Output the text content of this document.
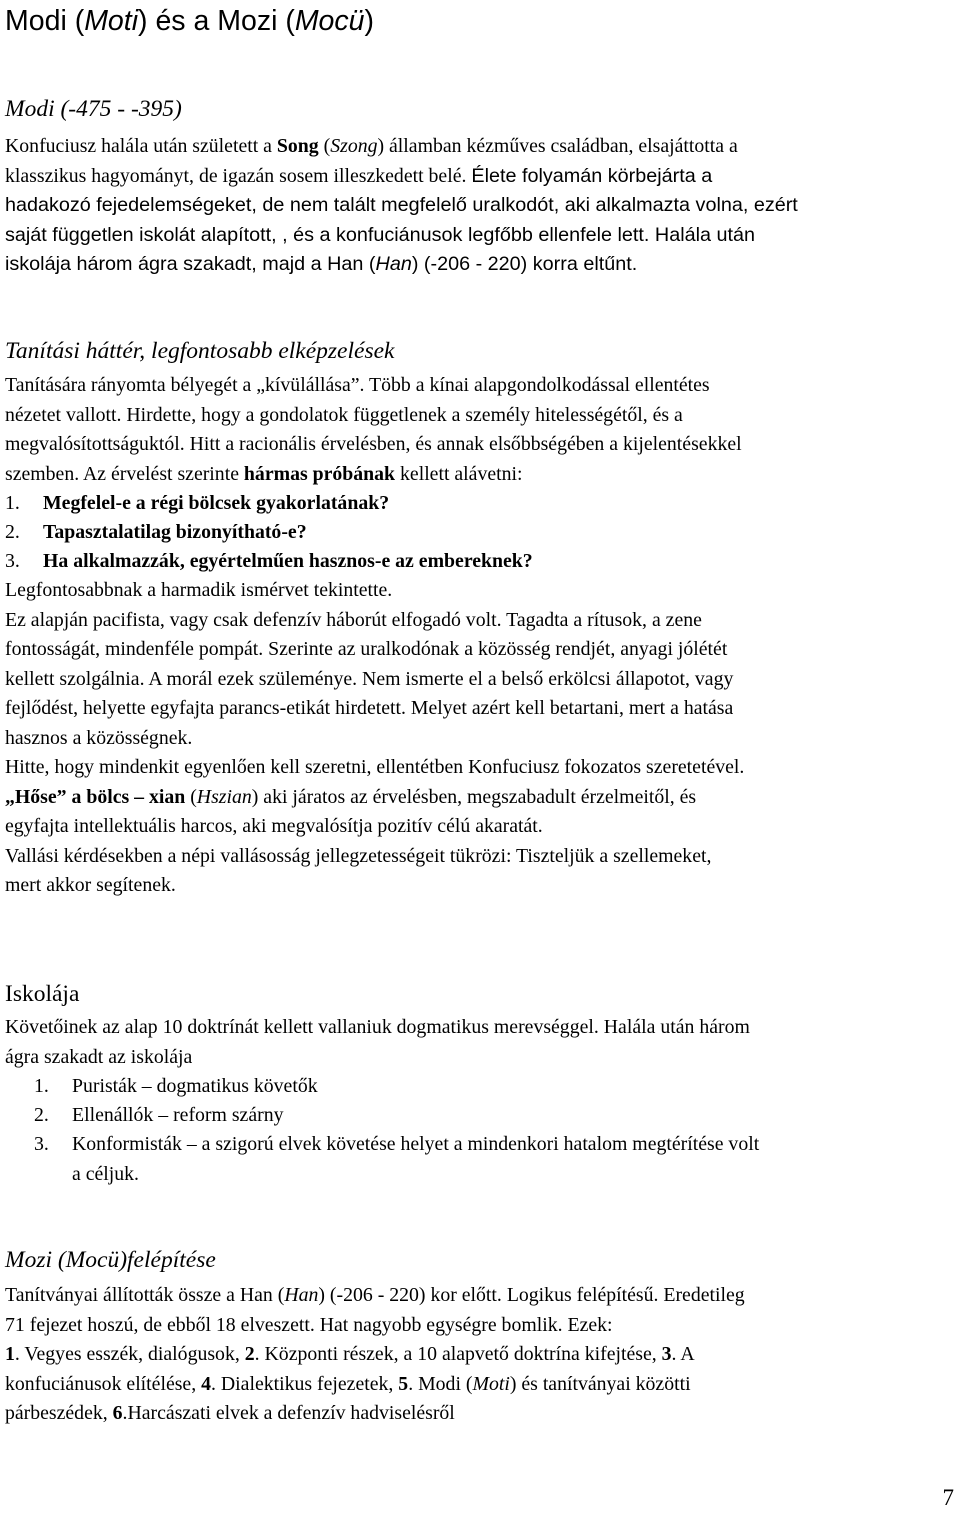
Modi (Moti) és a Mozi (Mocü)
Modi (-475 - -395)
Konfuciusz halála után született a Song (Szong) államban kézműves családban, elsajáttotta a
klasszikus hagyományt, de igazán sosem illeszkedett belé. Élete folyamán körbejárta a
hadakozó fejedelemségeket, de nem talált megfelelő uralkodót, aki alkalmazta volna, ezért
saját független iskolát alapított, , és a konfuciánusok legfőbb ellenfele lett. Halála után
iskolája három ágra szakadt, majd a Han (Han) (-206 - 220) korra eltűnt.
Tanítási háttér, legfontosabb elképzelések
Tanítására rányomta bélyegét a „kívülállása”. Több a kínai alapgondolkodással ellentétes
nézetet vallott. Hirdette, hogy a gondolatok függetlenek a személy hitelességétől, és a
megvalósítottságuktól. Hitt a racionális érvelésben, és annak elsőbbségében a kijelentésekkel
szemben. Az érvelést szerinte hármas próbának kellett alávetni:
1. Megfelel-e a régi bölcsek gyakorlatának?
2. Tapasztalatilag bizonyítható-e?
3. Ha alkalmazzák, egyértelműen hasznos-e az embereknek?
Legfontosabbnak a harmadik ismérvet tekintette.
Ez alapján pacifista, vagy csak defenzív háborút elfogadó volt. Tagadta a rítusok, a zene
fontosságát, mindenféle pompát. Szerinte az uralkodónak a közösség rendjét, anyagi jólétét
kellett szolgálnia. A morál ezek szüleménye. Nem ismerte el a belső erkölcsi állapotot, vagy
fejlődést, helyette egyfajta parancs-etikát hirdetett. Melyet azért kell betartani, mert a hatása
hasznos a közösségnek.
Hitte, hogy mindenkit egyenlően kell szeretni, ellentétben Konfuciusz fokozatos szeretetével.
„Hőse” a bölcs – xian (Hszian) aki járatos az érvelésben, megszabadult érzelmeitől, és
egyfajta intellektuális harcos, aki megvalósítja pozitív célú akaratát.
Vallási kérdésekben a népi vallásosság jellegzetességeit tükrözi: Tiszteljük a szellemeket,
mert akkor segítenek.
Iskolája
Követőinek az alap 10 doktrínát kellett vallaniuk dogmatikus merevséggel. Halála után három
ágra szakadt az iskolája
1. Puristák – dogmatikus követők
2. Ellenállók – reform szárny
3. Konformisták – a szigorú elvek követése helyet a mindenkori hatalom megtérítése volt
a céljuk.
Mozi (Mocü)felépítése
Tanítványai állították össze a Han (Han) (-206 - 220) kor előtt. Logikus felépítésű. Eredetileg
71 fejezet hoszú, de ebből 18 elveszett. Hat nagyobb egységre bomlik. Ezek:
1. Vegyes esszék, dialógusok, 2. Központi részek, a 10 alapvető doktrína kifejtése, 3. A
konfuciánusok elítélése, 4. Dialektikus fejezetek, 5. Modi (Moti) és tanítványai közötti
párbeszédek, 6.Harcászati elvek a defenzív hadviselésről
7
